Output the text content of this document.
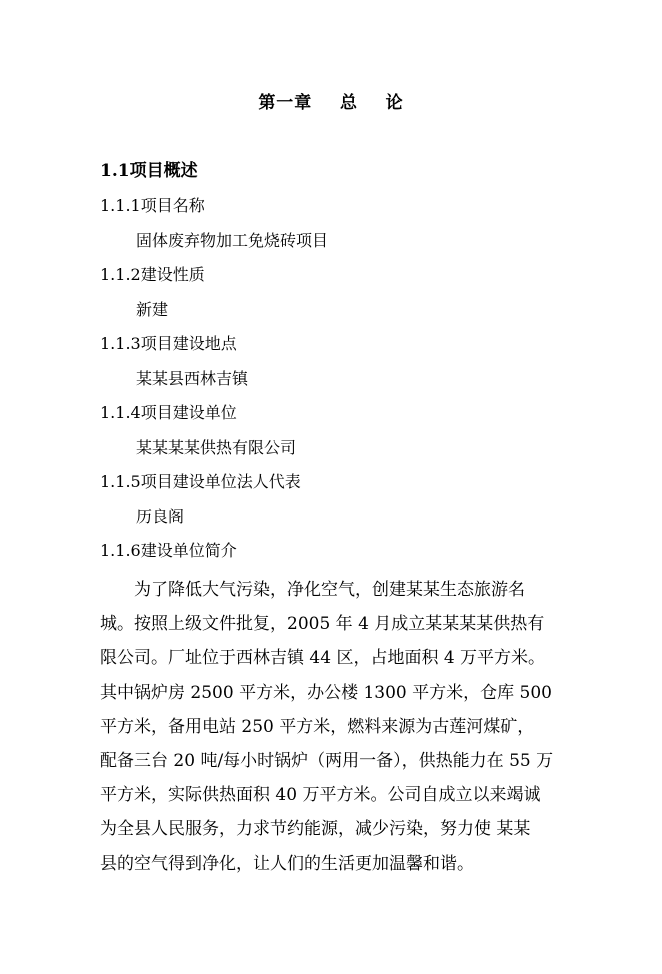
第一章    总    论
1.1项目概述
1.1.1项目名称
固体废弃物加工免烧砖项目
1.1.2建设性质
新建
1.1.3项目建设地点
某某县西林吉镇
1.1.4项目建设单位
某某某某供热有限公司
1.1.5项目建设单位法人代表
历良阁
1.1.6建设单位简介
为了降低大气污染，净化空气，创建某某生态旅游名
城。按照上级文件批复，2005 年 4 月成立某某某某供热有
限公司。厂址位于西林吉镇 44 区，占地面积 4 万平方米。
其中锅炉房 2500 平方米，办公楼 1300 平方米，仓库 500
平方米，备用电站 250 平方米，燃料来源为古莲河煤矿，
配备三台 20 吨/每小时锅炉（两用一备），供热能力在 55 万
平方米，实际供热面积 40 万平方米。公司自成立以来竭诚
为全县人民服务，力求节约能源，减少污染，努力使 某某
县的空气得到净化，让人们的生活更加温馨和谐。
